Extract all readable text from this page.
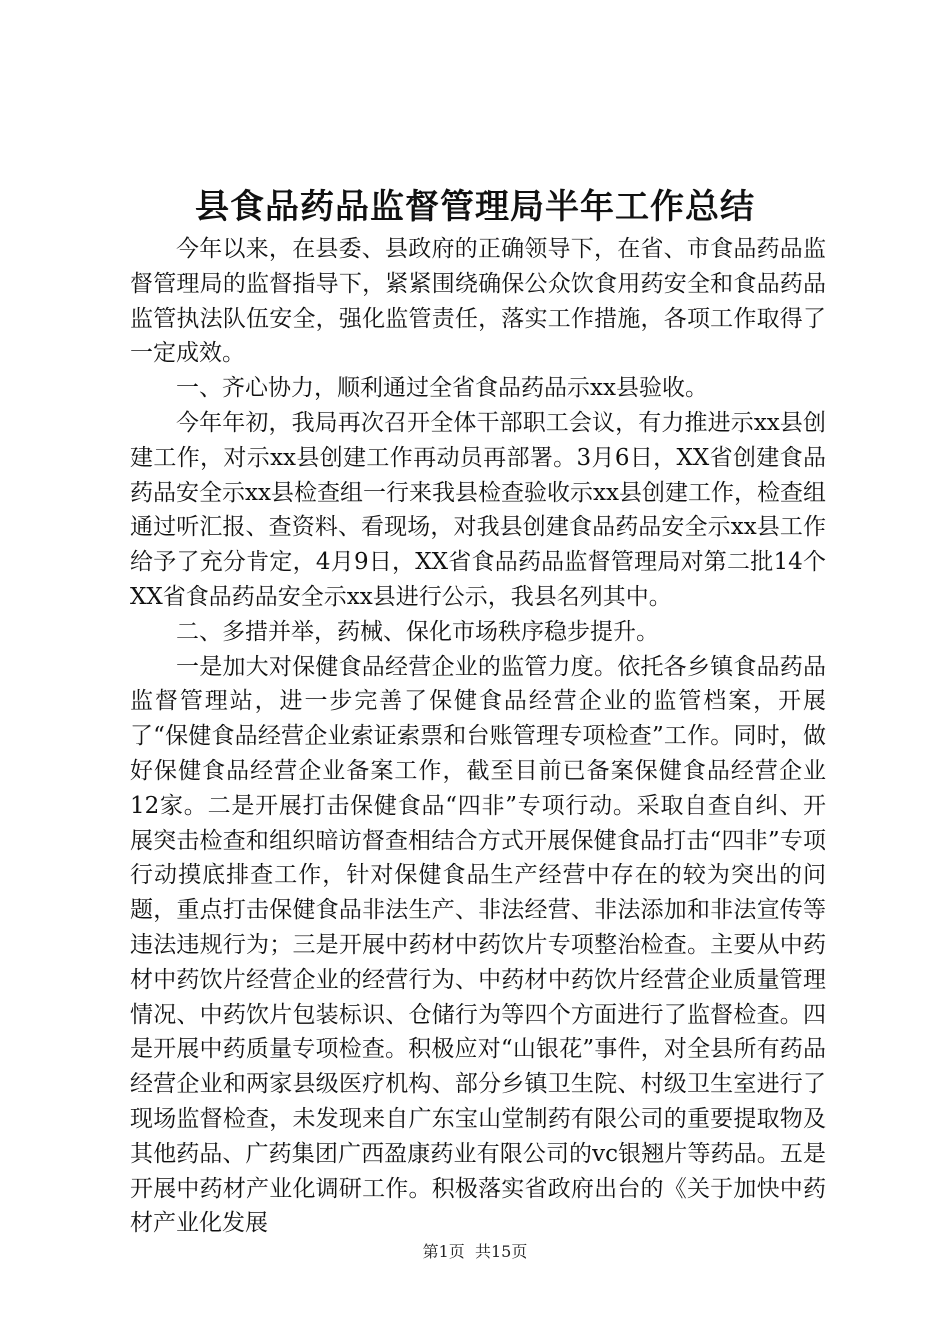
县食品药品监督管理局半年工作总结

今年以来，在县委、县政府的正确领导下，在省、市食品药品监督管理局的监督指导下，紧紧围绕确保公众饮食用药安全和食品药品监管执法队伍安全，强化监管责任，落实工作措施，各项工作取得了一定成效。

一、齐心协力，顺利通过全省食品药品示xx县验收。

今年年初，我局再次召开全体干部职工会议，有力推进示xx县创建工作，对示xx县创建工作再动员再部署。3月6日，XX省创建食品药品安全示xx县检查组一行来我县检查验收示xx县创建工作，检查组通过听汇报、查资料、看现场，对我县创建食品药品安全示xx县工作给予了充分肯定，4月9日，XX省食品药品监督管理局对第二批14个XX省食品药品安全示xx县进行公示，我县名列其中。

二、多措并举，药械、保化市场秩序稳步提升。

一是加大对保健食品经营企业的监管力度。依托各乡镇食品药品监督管理站，进一步完善了保健食品经营企业的监管档案，开展了“保健食品经营企业索证索票和台账管理专项检查”工作。同时，做好保健食品经营企业备案工作，截至目前已备案保健食品经营企业12家。二是开展打击保健食品“四非”专项行动。采取自查自纠、开展突击检查和组织暗访督查相结合方式开展保健食品打击“四非”专项行动摸底排查工作，针对保健食品生产经营中存在的较为突出的问题，重点打击保健食品非法生产、非法经营、非法添加和非法宣传等违法违规行为；三是开展中药材中药饮片专项整治检查。主要从中药材中药饮片经营企业的经营行为、中药材中药饮片经营企业质量管理情况、中药饮片包装标识、仓储行为等四个方面进行了监督检查。四是开展中药质量专项检查。积极应对“山银花”事件，对全县所有药品经营企业和两家县级医疗机构、部分乡镇卫生院、村级卫生室进行了现场监督检查，未发现来自广东宝山堂制药有限公司的重要提取物及其他药品、广药集团广西盈康药业有限公司的vc银翘片等药品。五是开展中药材产业化调研工作。积极落实省政府出台的《关于加快中药材产业化发展

第1页 共15页
